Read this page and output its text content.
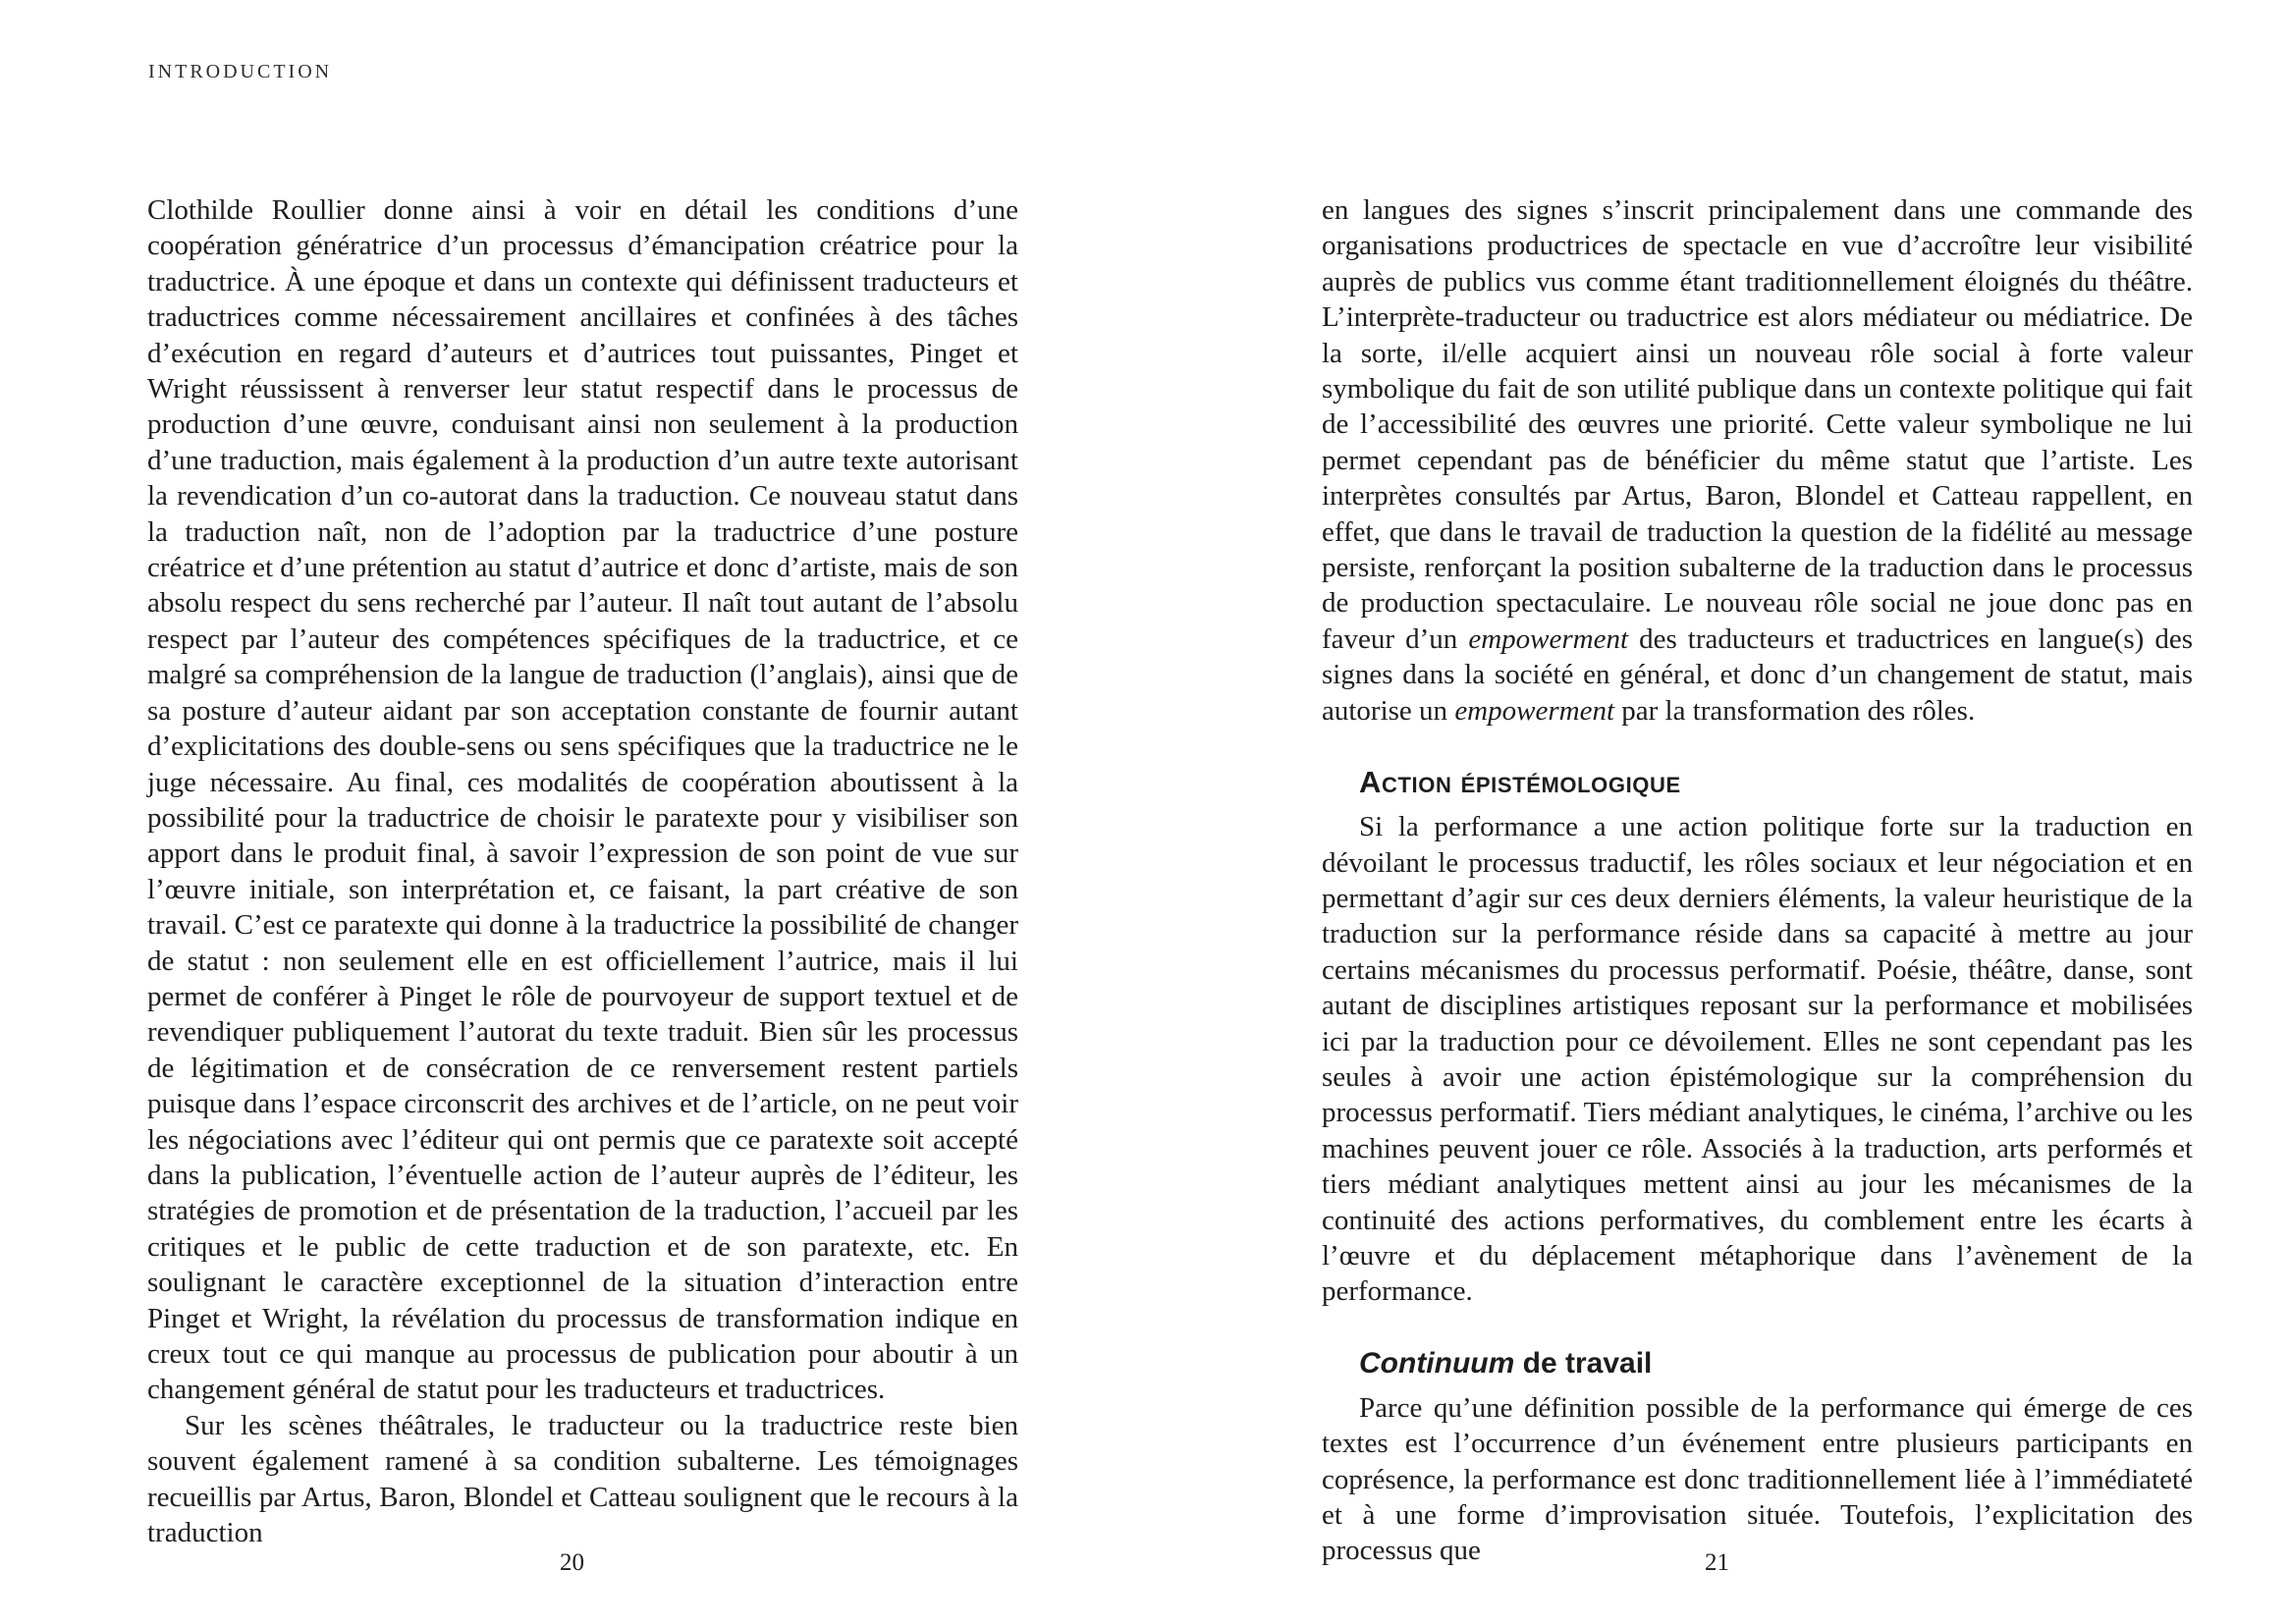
INTRODUCTION

Clothilde Roullier donne ainsi à voir en détail les conditions d’une coopération génératrice d’un processus d’émancipation créatrice pour la traductrice. À une époque et dans un contexte qui définissent traducteurs et traductrices comme nécessairement ancillaires et confinées à des tâches d’exécution en regard d’auteurs et d’autrices tout puissantes, Pinget et Wright réussissent à renverser leur statut respectif dans le processus de production d’une œuvre, conduisant ainsi non seulement à la production d’une traduction, mais également à la production d’un autre texte autorisant la revendication d’un co-autorat dans la traduction. Ce nouveau statut dans la traduction naît, non de l’adoption par la traductrice d’une posture créatrice et d’une prétention au statut d’autrice et donc d’artiste, mais de son absolu respect du sens recherché par l’auteur. Il naît tout autant de l’absolu respect par l’auteur des compétences spécifiques de la traductrice, et ce malgré sa compréhension de la langue de traduction (l’anglais), ainsi que de sa posture d’auteur aidant par son acceptation constante de fournir autant d’explicitations des double-sens ou sens spécifiques que la traductrice ne le juge nécessaire. Au final, ces modalités de coopération aboutissent à la possibilité pour la traductrice de choisir le paratexte pour y visibiliser son apport dans le produit final, à savoir l’expression de son point de vue sur l’œuvre initiale, son interprétation et, ce faisant, la part créative de son travail. C’est ce paratexte qui donne à la traductrice la possibilité de changer de statut : non seulement elle en est officiellement l’autrice, mais il lui permet de conférer à Pinget le rôle de pourvoyeur de support textuel et de revendiquer publiquement l’autorat du texte traduit. Bien sûr les processus de légitimation et de consécration de ce renversement restent partiels puisque dans l’espace circonscrit des archives et de l’article, on ne peut voir les négociations avec l’éditeur qui ont permis que ce paratexte soit accepté dans la publication, l’éventuelle action de l’auteur auprès de l’éditeur, les stratégies de promotion et de présentation de la traduction, l’accueil par les critiques et le public de cette traduction et de son paratexte, etc. En soulignant le caractère exceptionnel de la situation d’interaction entre Pinget et Wright, la révélation du processus de transformation indique en creux tout ce qui manque au processus de publication pour aboutir à un changement général de statut pour les traducteurs et traductrices.

Sur les scènes théâtrales, le traducteur ou la traductrice reste bien souvent également ramené à sa condition subalterne. Les témoignages recueillis par Artus, Baron, Blondel et Catteau soulignent que le recours à la traduction

20

en langues des signes s’inscrit principalement dans une commande des organisations productrices de spectacle en vue d’accroître leur visibilité auprès de publics vus comme étant traditionnellement éloignés du théâtre. L’interprète-traducteur ou traductrice est alors médiateur ou médiatrice. De la sorte, il/elle acquiert ainsi un nouveau rôle social à forte valeur symbolique du fait de son utilité publique dans un contexte politique qui fait de l’accessibilité des œuvres une priorité. Cette valeur symbolique ne lui permet cependant pas de bénéficier du même statut que l’artiste. Les interprètes consultés par Artus, Baron, Blondel et Catteau rappellent, en effet, que dans le travail de traduction la question de la fidélité au message persiste, renforçant la position subalterne de la traduction dans le processus de production spectaculaire. Le nouveau rôle social ne joue donc pas en faveur d’un empowerment des traducteurs et traductrices en langue(s) des signes dans la société en général, et donc d’un changement de statut, mais autorise un empowerment par la transformation des rôles.

Action épistémologique

Si la performance a une action politique forte sur la traduction en dévoilant le processus traductif, les rôles sociaux et leur négociation et en permettant d’agir sur ces deux derniers éléments, la valeur heuristique de la traduction sur la performance réside dans sa capacité à mettre au jour certains mécanismes du processus performatif. Poésie, théâtre, danse, sont autant de disciplines artistiques reposant sur la performance et mobilisées ici par la traduction pour ce dévoilement. Elles ne sont cependant pas les seules à avoir une action épistémologique sur la compréhension du processus performatif. Tiers médiant analytiques, le cinéma, l’archive ou les machines peuvent jouer ce rôle. Associés à la traduction, arts performés et tiers médiant analytiques mettent ainsi au jour les mécanismes de la continuité des actions performatives, du comblement entre les écarts à l’œuvre et du déplacement métaphorique dans l’avènement de la performance.

Continuum de travail

Parce qu’une définition possible de la performance qui émerge de ces textes est l’occurrence d’un événement entre plusieurs participants en coprésence, la performance est donc traditionnellement liée à l’immédiateté et à une forme d’improvisation située. Toutefois, l’explicitation des processus que	21
